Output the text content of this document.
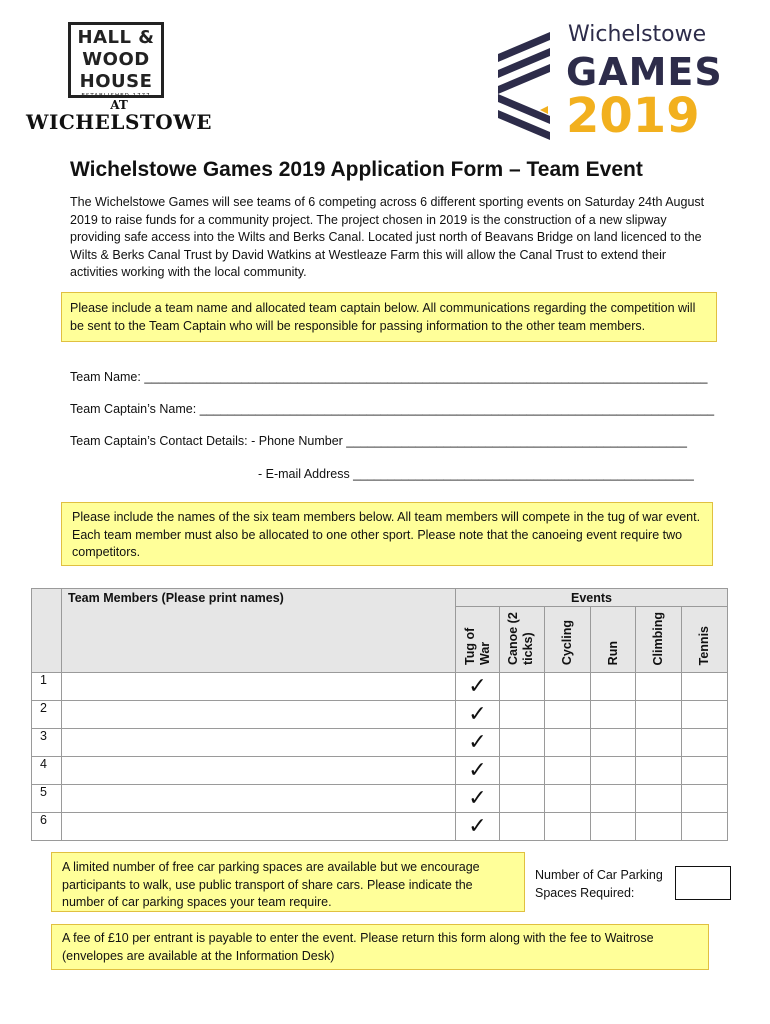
HALL &
WOOD
HOUSE
ESTABLISHED 1777
AT
WICHELSTOWE
Wichelstowe
GAMES
2019
Wichelstowe Games 2019 Application Form – Team Event
The Wichelstowe Games will see teams of 6 competing across 6 different sporting events on Saturday 24th August 2019 to raise funds for a community project. The project chosen in 2019 is the construction of a new slipway providing safe access into the Wilts and Berks Canal. Located just north of Beavans Bridge on land licenced to the Wilts & Berks Canal Trust by David Watkins at Westleaze Farm this will allow the Canal Trust to extend their activities working with the local community.
Please include a team name and allocated team captain below. All communications regarding the competition will be sent to the Team Captain who will be responsible for passing information to the other team members.
Team Name: _________________________________________________________________________________
Team Captain’s Name: __________________________________________________________________________
Team Captain’s Contact Details: - Phone Number _________________________________________________
- E-mail Address _________________________________________________
Please include the names of the six team members below. All team members will compete in the tug of war event. Each team member must also be allocated to one other sport. Please note that the canoeing event require two competitors.
	Team Members (Please print names)	Events					
		Tug of War	Canoe (2 ticks)	Cycling	Run	Climbing	Tennis
1		✓					
2		✓					
3		✓					
4		✓					
5		✓					
6		✓					
A limited number of free car parking spaces are available but we encourage participants to walk, use public transport of share cars. Please indicate the number of car parking spaces your team require.
Number of Car Parking Spaces Required:
A fee of £10 per entrant is payable to enter the event. Please return this form along with the fee to Waitrose (envelopes are available at the Information Desk)
